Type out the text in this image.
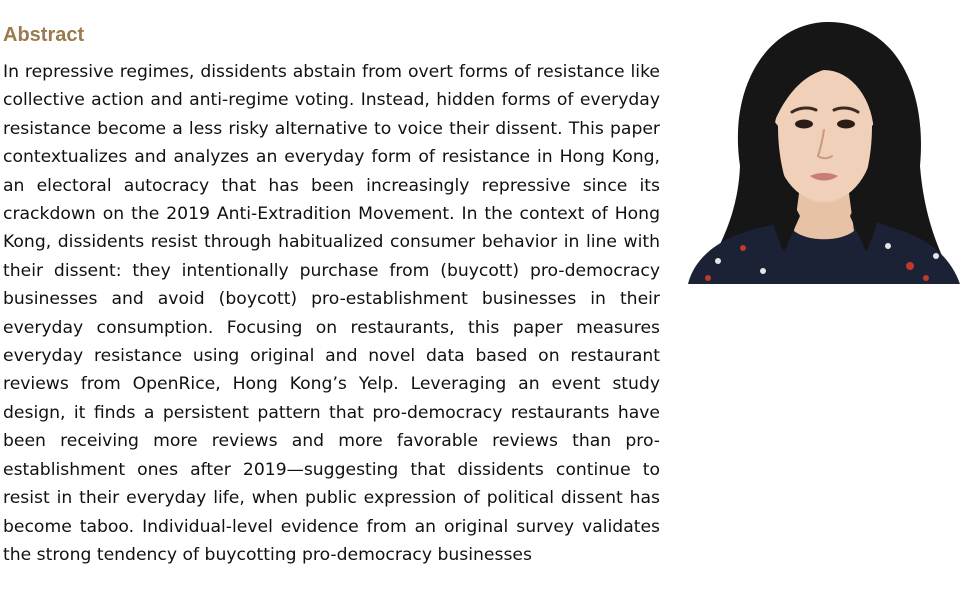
Abstract

In repressive regimes, dissidents abstain from overt forms of resistance like collective action and anti-regime voting. Instead, hidden forms of everyday resistance become a less risky alternative to voice their dissent. This paper contextualizes and analyzes an everyday form of resistance in Hong Kong, an electoral autocracy that has been increasingly repressive since its crackdown on the 2019 Anti-Extradition Movement. In the context of Hong Kong, dissidents resist through habitualized consumer behavior in line with their dissent: they intentionally purchase from (buycott) pro-democracy businesses and avoid (boycott) pro-establishment businesses in their everyday consumption. Focusing on restaurants, this paper measures everyday resistance using original and novel data based on restaurant reviews from OpenRice, Hong Kong’s Yelp. Leveraging an event study design, it finds a persistent pattern that pro-democracy restaurants have been receiving more reviews and more favorable reviews than pro-establishment ones after 2019—suggesting that dissidents continue to resist in their everyday life, when public expression of political dissent has become taboo. Individual-level evidence from an original survey validates the strong tendency of buycotting pro-democracy businesses
